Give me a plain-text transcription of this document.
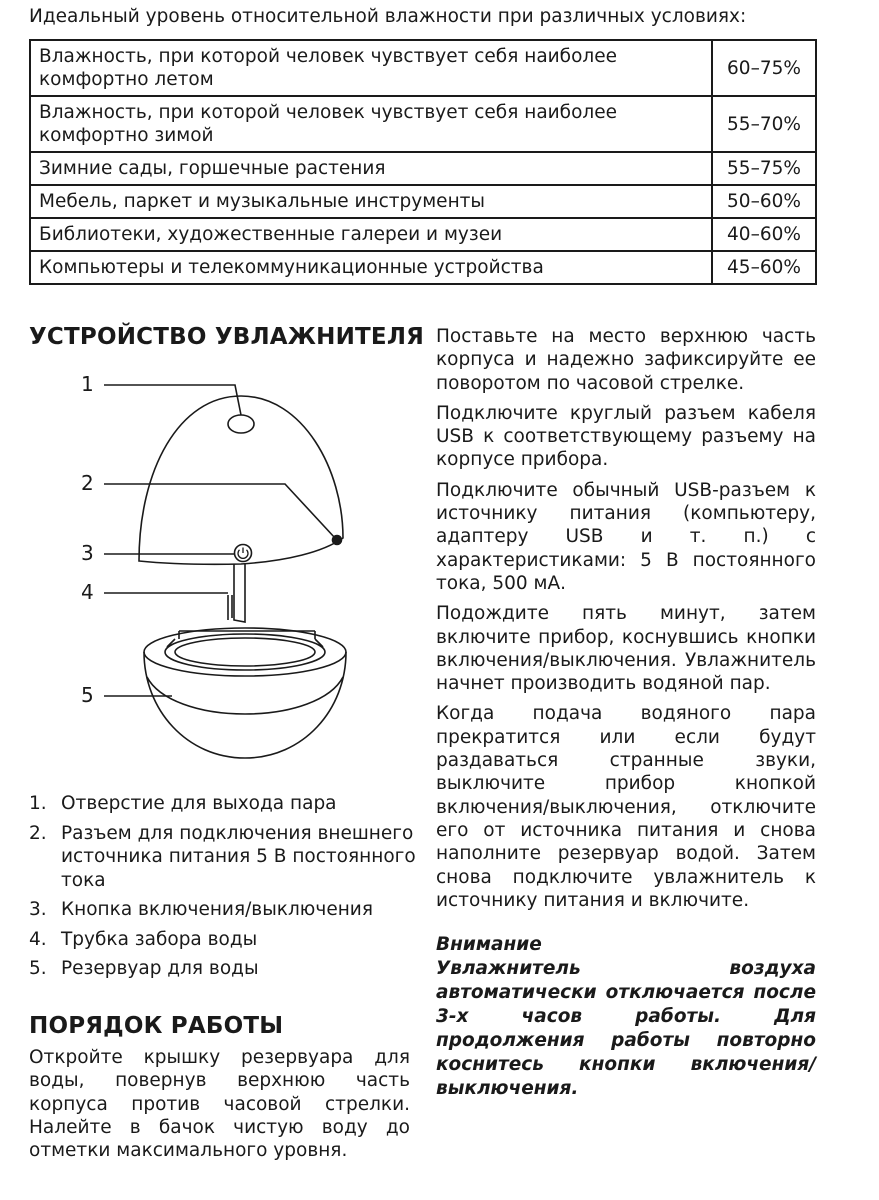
Идеальный уровень относительной влажности при различных условиях:
Влажность, при которой человек чувствует себя наиболее комфортно летом	60–75%
Влажность, при которой человек чувствует себя наиболее комфортно зимой	55–70%
Зимние сады, горшечные растения	55–75%
Мебель, паркет и музыкальные инструменты	50–60%
Библиотеки, художественные галереи и музеи	40–60%
Компьютеры и телекоммуникационные устройства	45–60%
УСТРОЙСТВО УВЛАЖНИТЕЛЯ
1
2
3
4
5
1. Отверстие для выхода пара
2. Разъем для подключения внешнего источника питания 5 В постоянного тока
3. Кнопка включения/выключения
4. Трубка забора воды
5. Резервуар для воды
ПОРЯДОК РАБОТЫ

Откройте крышку резервуара для воды, повернув верхнюю часть корпуса против часовой стрелки. Налейте в бачок чистую воду до отметки максимального уровня.

Поставьте на место верхнюю часть корпуса и надежно зафиксируйте ее поворотом по часовой стрелке.

Подключите круглый разъем кабеля USB к соответствующему разъему на корпусе прибора.

Подключите обычный USB-разъем к источнику питания (компьютеру, адаптеру USB и т. п.) с характеристиками: 5 В постоянного тока, 500 мА.

Подождите пять минут, затем включите прибор, коснувшись кнопки включения/выключения. Увлажнитель начнет производить водяной пар.

Когда подача водяного пара прекратится или если будут раздаваться странные звуки, выключите прибор кнопкой включения/выключения, отключите его от источника питания и снова наполните резервуар водой. Затем снова подключите увлажнитель к источнику питания и включите.

Внимание
Увлажнитель воздуха автоматически отключается после 3-х часов работы. Для продолжения работы повторно коснитесь кнопки включения/выключения.
